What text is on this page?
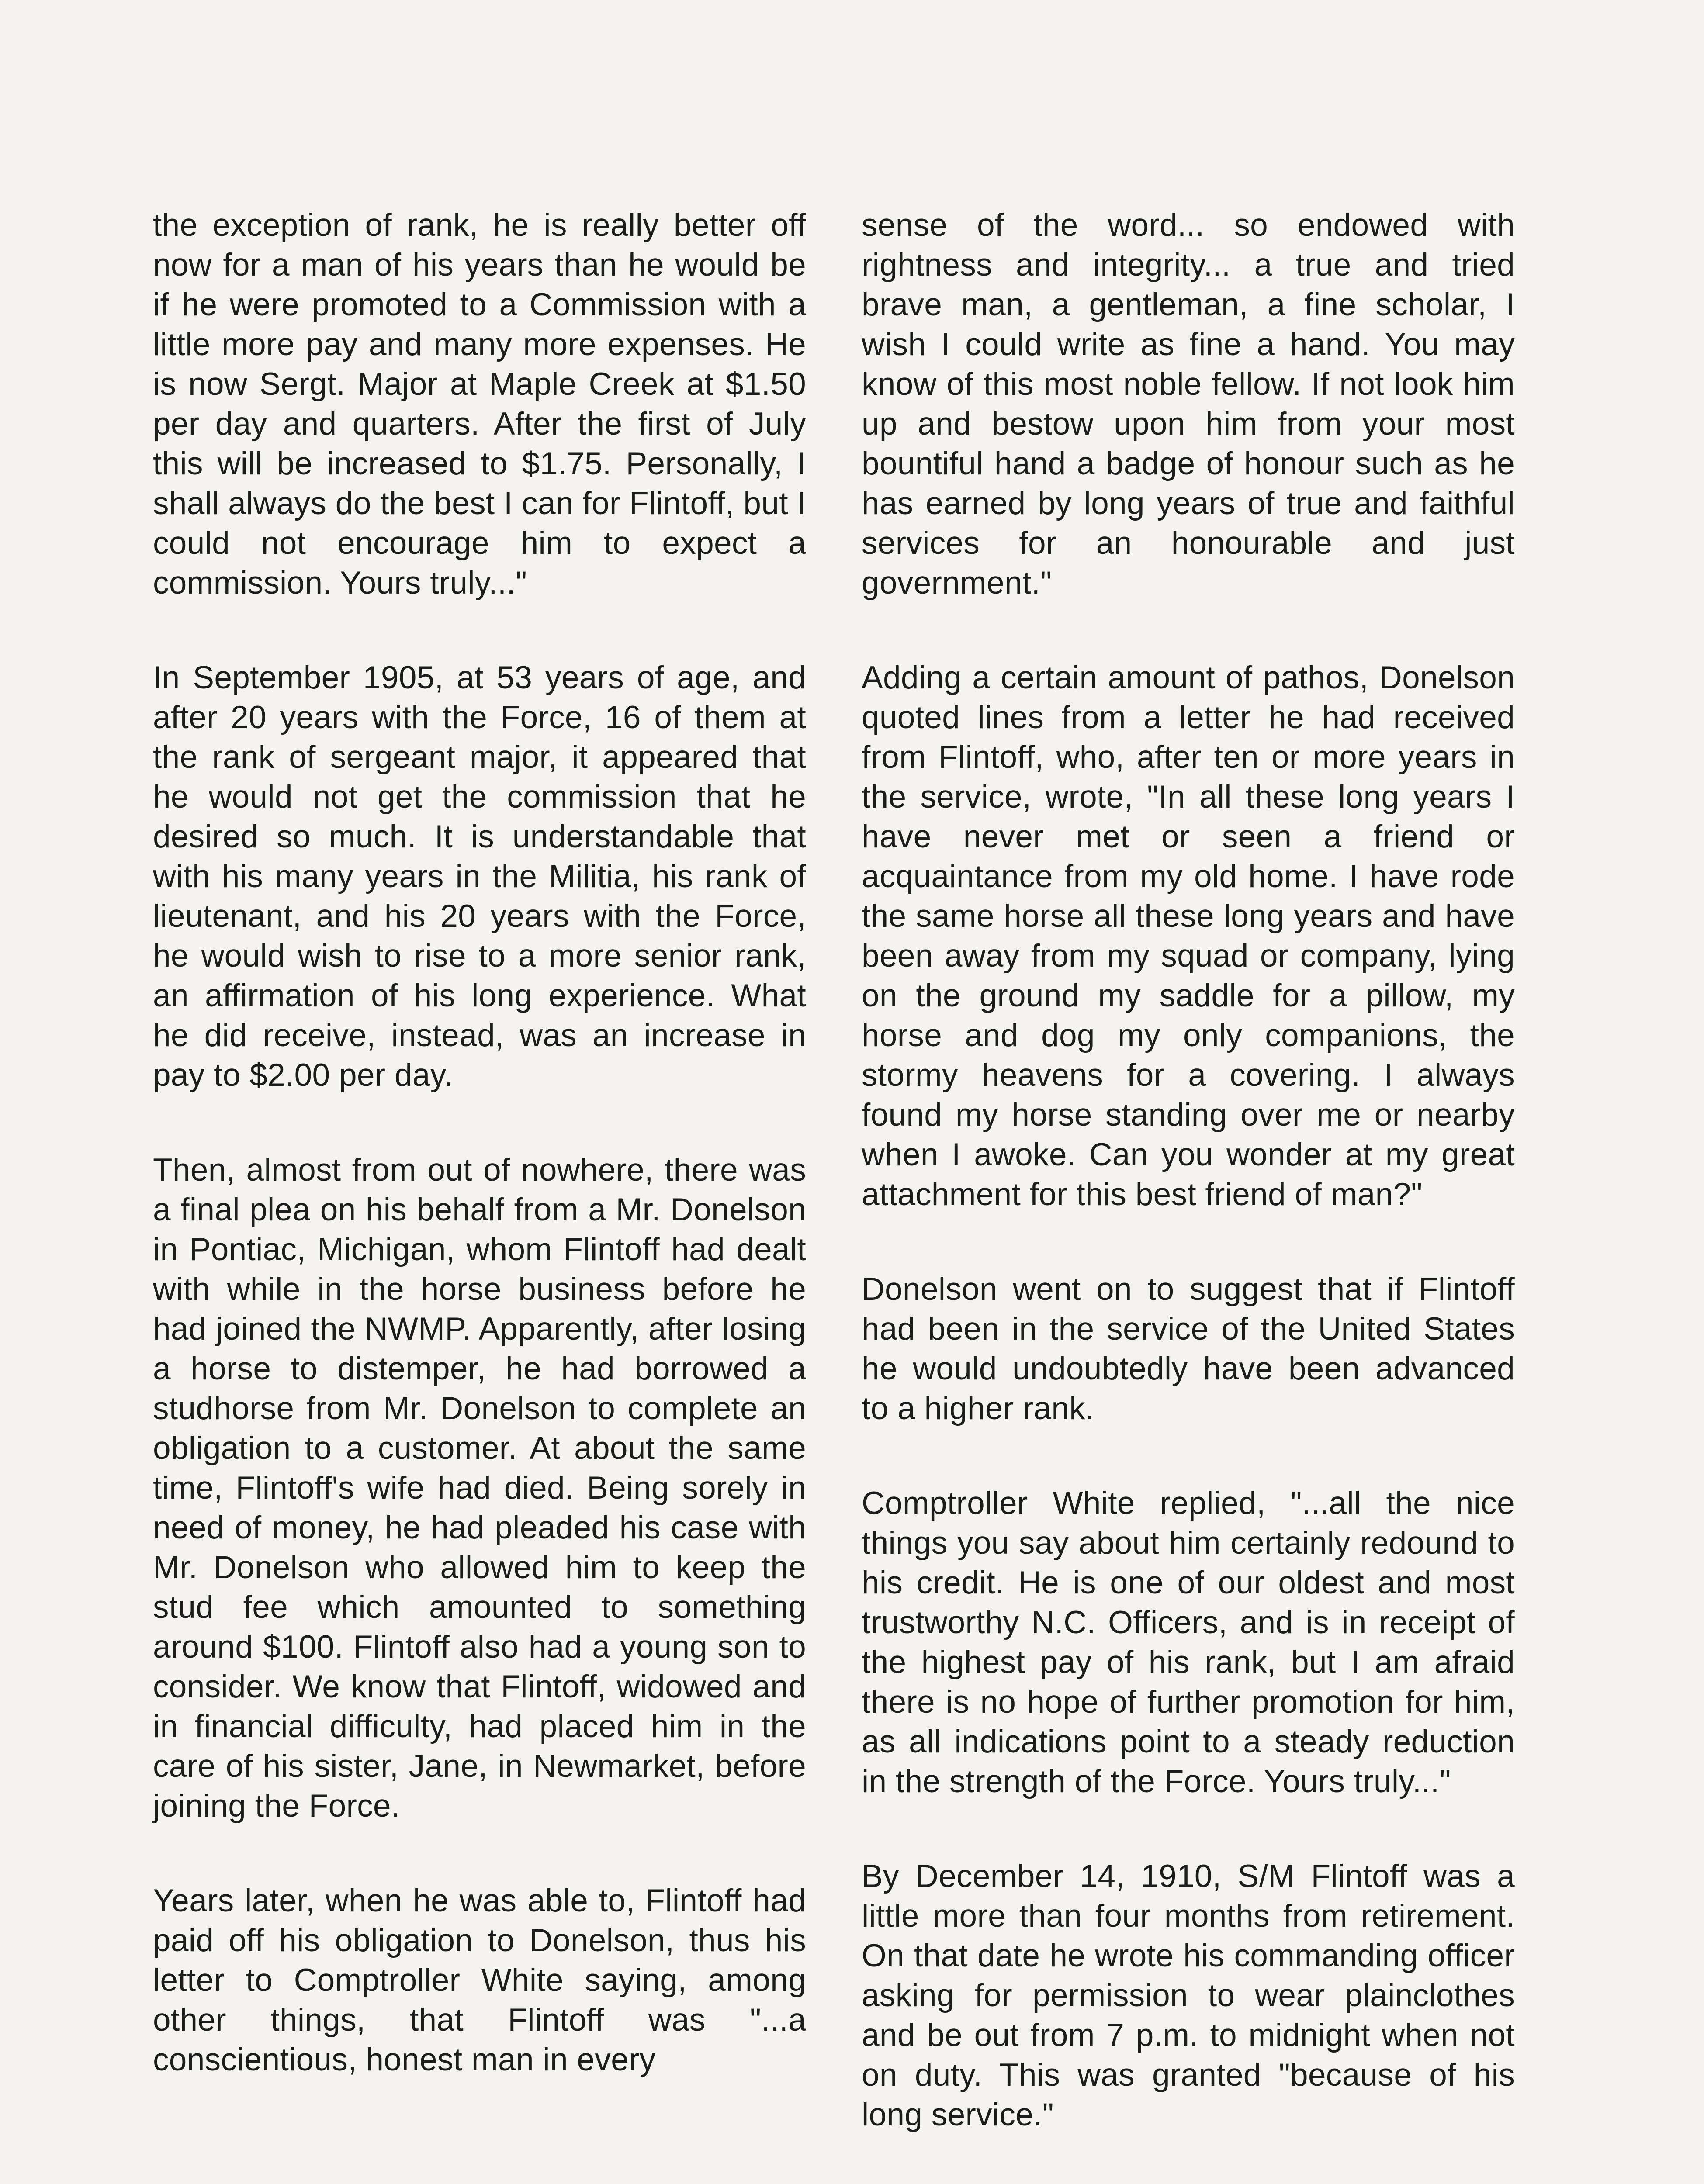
the exception of rank, he is really better off now for a man of his years than he would be if he were promoted to a Commission with a little more pay and many more expenses. He is now Sergt. Major at Maple Creek at $1.50 per day and quarters. After the first of July this will be increased to $1.75. Personally, I shall always do the best I can for Flintoff, but I could not encourage him to expect a commission. Yours truly..."

In September 1905, at 53 years of age, and after 20 years with the Force, 16 of them at the rank of sergeant major, it appeared that he would not get the commission that he desired so much. It is understandable that with his many years in the Militia, his rank of lieutenant, and his 20 years with the Force, he would wish to rise to a more senior rank, an affirmation of his long experience. What he did receive, instead, was an increase in pay to $2.00 per day.

Then, almost from out of nowhere, there was a final plea on his behalf from a Mr. Donelson in Pontiac, Michigan, whom Flintoff had dealt with while in the horse business before he had joined the NWMP. Apparently, after losing a horse to distemper, he had borrowed a studhorse from Mr. Donelson to complete an obligation to a customer. At about the same time, Flintoff's wife had died. Being sorely in need of money, he had pleaded his case with Mr. Donelson who allowed him to keep the stud fee which amounted to something around $100. Flintoff also had a young son to consider. We know that Flintoff, widowed and in financial difficulty, had placed him in the care of his sister, Jane, in Newmarket, before joining the Force.

Years later, when he was able to, Flintoff had paid off his obligation to Donelson, thus his letter to Comptroller White saying, among other things, that Flintoff was "...a conscientious, honest man in every

sense of the word... so endowed with rightness and integrity... a true and tried brave man, a gentleman, a fine scholar, I wish I could write as fine a hand. You may know of this most noble fellow. If not look him up and bestow upon him from your most bountiful hand a badge of honour such as he has earned by long years of true and faithful services for an honourable and just government."

Adding a certain amount of pathos, Donelson quoted lines from a letter he had received from Flintoff, who, after ten or more years in the service, wrote, "In all these long years I have never met or seen a friend or acquaintance from my old home. I have rode the same horse all these long years and have been away from my squad or company, lying on the ground my saddle for a pillow, my horse and dog my only companions, the stormy heavens for a covering. I always found my horse standing over me or nearby when I awoke. Can you wonder at my great attachment for this best friend of man?"

Donelson went on to suggest that if Flintoff had been in the service of the United States he would undoubtedly have been advanced to a higher rank.

Comptroller White replied, "...all the nice things you say about him certainly redound to his credit. He is one of our oldest and most trustworthy N.C. Officers, and is in receipt of the highest pay of his rank, but I am afraid there is no hope of further promotion for him, as all indications point to a steady reduction in the strength of the Force. Yours truly..."

By December 14, 1910, S/M Flintoff was a little more than four months from retirement. On that date he wrote his commanding officer asking for permission to wear plainclothes and be out from 7 p.m. to midnight when not on duty. This was granted "because of his long service."
